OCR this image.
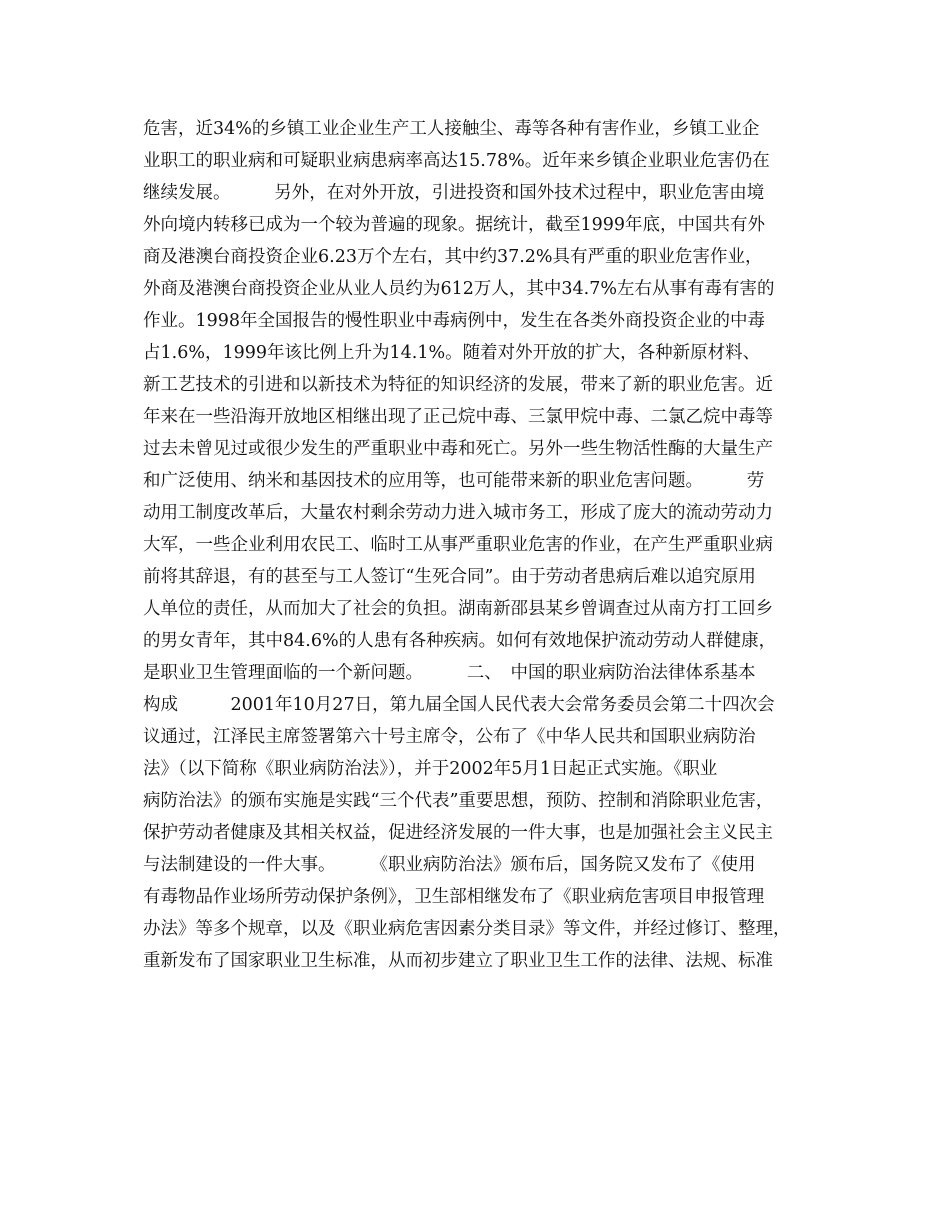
危害，近34%的乡镇工业企业生产工人接触尘、毒等各种有害作业，乡镇工业企
业职工的职业病和可疑职业病患病率高达15.78%。近年来乡镇企业职业危害仍在
继续发展。　　　另外，在对外开放，引进投资和国外技术过程中，职业危害由境
外向境内转移已成为一个较为普遍的现象。据统计，截至1999年底，中国共有外
商及港澳台商投资企业6.23万个左右，其中约37.2%具有严重的职业危害作业，
外商及港澳台商投资企业从业人员约为612万人，其中34.7%左右从事有毒有害的
作业。1998年全国报告的慢性职业中毒病例中，发生在各类外商投资企业的中毒
占1.6%，1999年该比例上升为14.1%。随着对外开放的扩大，各种新原材料、
新工艺技术的引进和以新技术为特征的知识经济的发展，带来了新的职业危害。近
年来在一些沿海开放地区相继出现了正己烷中毒、三氯甲烷中毒、二氯乙烷中毒等
过去未曾见过或很少发生的严重职业中毒和死亡。另外一些生物活性酶的大量生产
和广泛使用、纳米和基因技术的应用等，也可能带来新的职业危害问题。　　　劳
动用工制度改革后，大量农村剩余劳动力进入城市务工，形成了庞大的流动劳动力
大军，一些企业利用农民工、临时工从事严重职业危害的作业，在产生严重职业病
前将其辞退，有的甚至与工人签订“生死合同”。由于劳动者患病后难以追究原用
人单位的责任，从而加大了社会的负担。湖南新邵县某乡曾调查过从南方打工回乡
的男女青年，其中84.6%的人患有各种疾病。如何有效地保护流动劳动人群健康，
是职业卫生管理面临的一个新问题。　　　二、　中国的职业病防治法律体系基本
构成　　　2001年10月27日，第九届全国人民代表大会常务委员会第二十四次会
议通过，江泽民主席签署第六十号主席令，公布了《中华人民共和国职业病防治
法》（以下简称《职业病防治法》），并于2002年5月1日起正式实施。《职业
病防治法》的颁布实施是实践“三个代表”重要思想，预防、控制和消除职业危害，
保护劳动者健康及其相关权益，促进经济发展的一件大事，也是加强社会主义民主
与法制建设的一件大事。　　　《职业病防治法》颁布后，国务院又发布了《使用
有毒物品作业场所劳动保护条例》，卫生部相继发布了《职业病危害项目申报管理
办法》等多个规章，以及《职业病危害因素分类目录》等文件，并经过修订、整理，
重新发布了国家职业卫生标准，从而初步建立了职业卫生工作的法律、法规、标准
